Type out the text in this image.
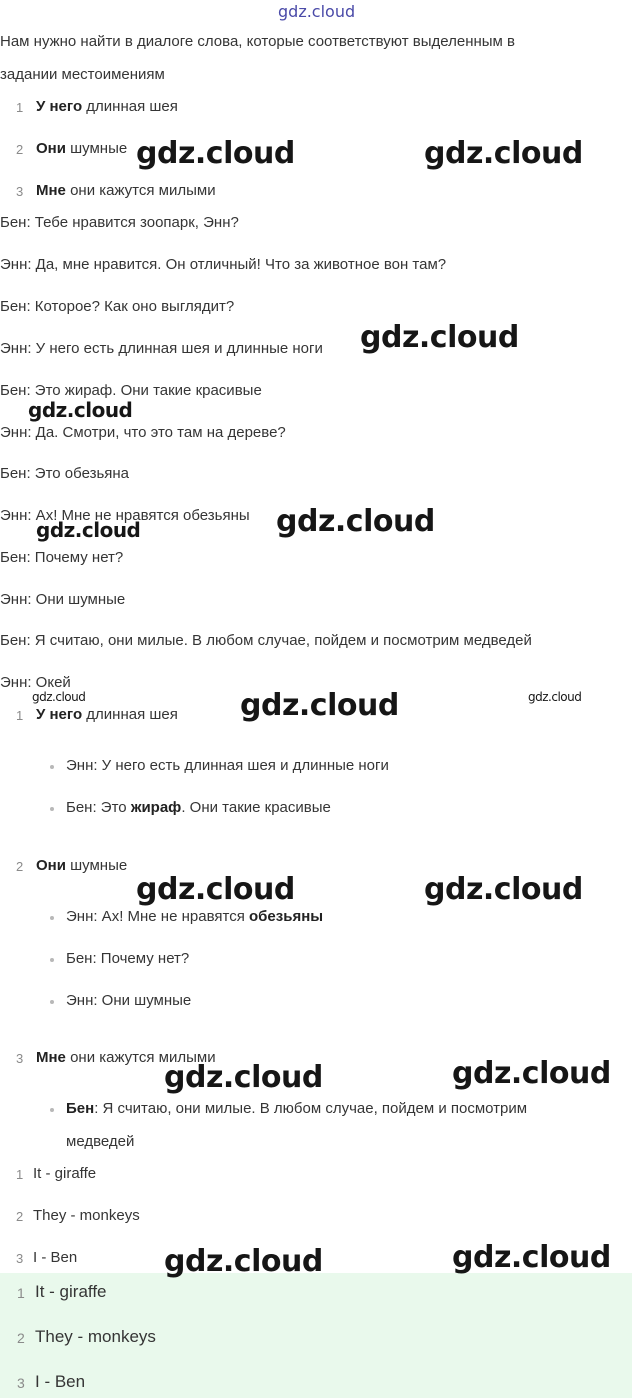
gdz.cloud
Нам нужно найти в диалоге слова, которые соответствуют выделенным в
задании местоимениям
1 У него длинная шея
2 Они шумные
3 Мне они кажутся милыми
Бен: Тебе нравится зоопарк, Энн?
Энн: Да, мне нравится. Он отличный! Что за животное вон там?
Бен: Которое? Как оно выглядит?
Энн: У него есть длинная шея и длинные ноги
Бен: Это жираф. Они такие красивые
Энн: Да. Смотри, что это там на дереве?
Бен: Это обезьяна
Энн: Ах! Мне не нравятся обезьяны
Бен: Почему нет?
Энн: Они шумные
Бен: Я считаю, они милые. В любом случае, пойдем и посмотрим медведей
Энн: Окей
1 У него длинная шея
Энн: У него есть длинная шея и длинные ноги
Бен: Это жираф. Они такие красивые
2 Они шумные
Энн: Ах! Мне не нравятся обезьяны
Бен: Почему нет?
Энн: Они шумные
3 Мне они кажутся милыми
Бен: Я считаю, они милые. В любом случае, пойдем и посмотрим
медведей
1 It - giraffe
2 They - monkeys
3 I - Ben
1 It - giraffe
2 They - monkeys
3 I - Ben
gdz.cloud	gdz.cloud
gdz.cloud
gdz.cloud
gdz.cloud
gdz.cloud
gdz.cloud	gdz.cloud
gdz.cloud
gdz.cloud	gdz.cloud
gdz.cloud	gdz.cloud
gdz.cloud	gdz.cloud
